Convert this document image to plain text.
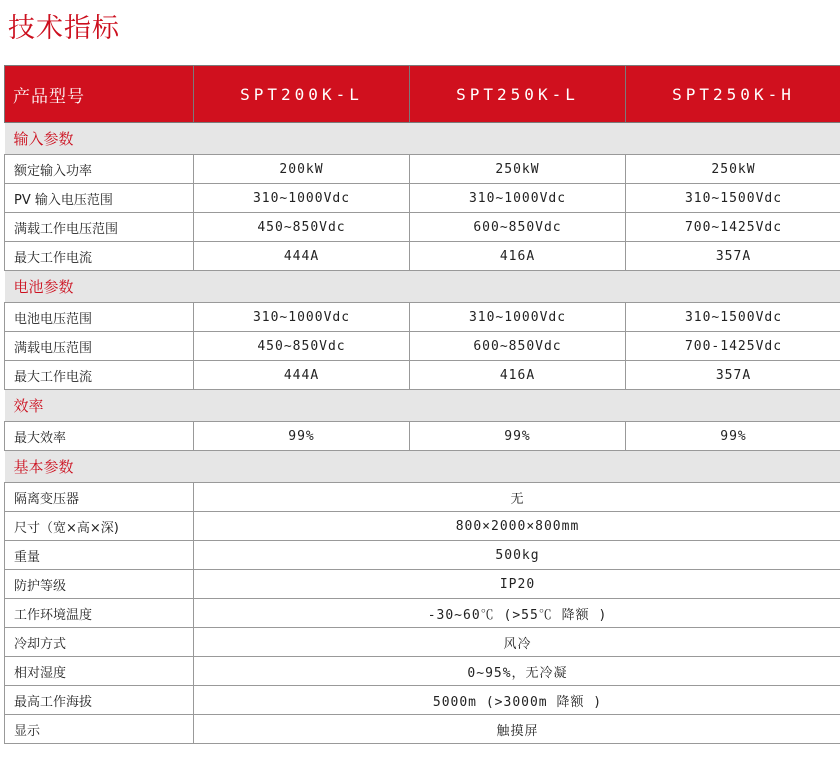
技术指标
产品型号	SPT200K-L	SPT250K-L	SPT250K-H
输入参数			
额定输入功率	200kW	250kW	250kW
PV 输入电压范围	310~1000Vdc	310~1000Vdc	310~1500Vdc
满载工作电压范围	450~850Vdc	600~850Vdc	700~1425Vdc
最大工作电流	444A	416A	357A
电池参数			
电池电压范围	310~1000Vdc	310~1000Vdc	310~1500Vdc
满载电压范围	450~850Vdc	600~850Vdc	700-1425Vdc
最大工作电流	444A	416A	357A
效率			
最大效率	99%	99%	99%
基本参数			
隔离变压器	无		
尺寸（宽×高×深)	800×2000×800mm		
重量	500kg		
防护等级	IP20		
工作环境温度	-30~60℃ (>55℃ 降额 )		
冷却方式	风冷		
相对湿度	0~95%，无冷凝		
最高工作海拔	5000m (>3000m 降额 )		
显示	触摸屏		
